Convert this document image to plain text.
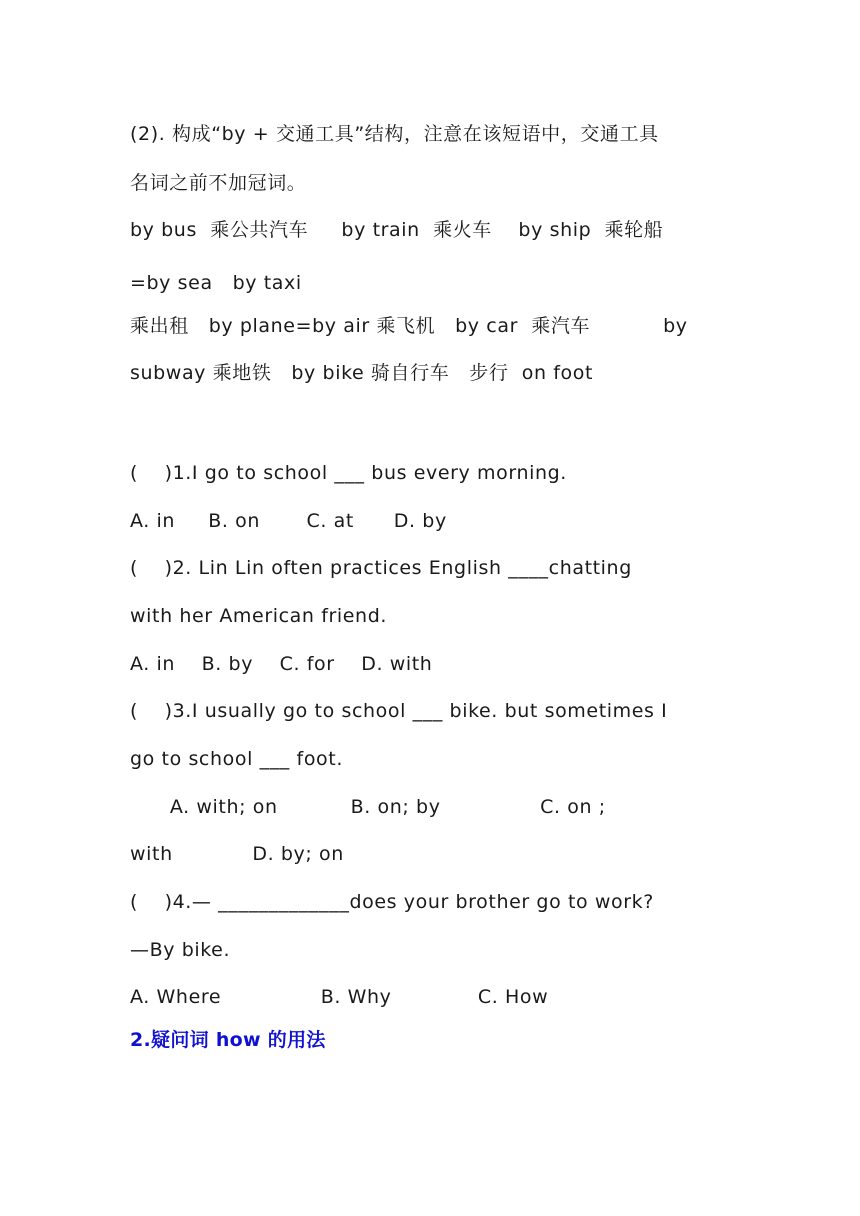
(2). 构成“by + 交通工具”结构，注意在该短语中，交通工具
名词之前不加冠词。
by bus  乘公共汽车     by train  乘火车    by ship  乘轮船
=by sea   by taxi
乘出租   by plane=by air 乘飞机   by car  乘汽车           by
subway 乘地铁   by bike 骑自行车   步行  on foot
(    )1.I go to school ___ bus every morning.
A. in     B. on       C. at      D. by
(    )2. Lin Lin often practices English ____chatting
with her American friend.
A. in    B. by    C. for    D. with
(    )3.I usually go to school ___ bike. but sometimes I
go to school ___ foot.
A. with; on           B. on; by               C. on ;
with            D. by; on
(    )4.— _____________does your brother go to work?
—By bike.
A. Where               B. Why             C. How
2.疑问词 how 的用法
